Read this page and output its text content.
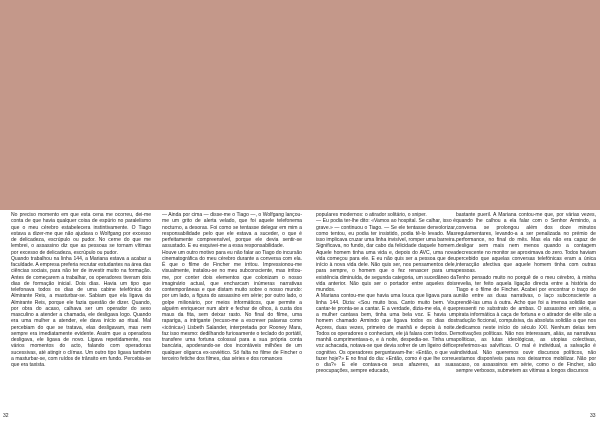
No preciso momento em que esta cena me ocorreu, dei-me conta de que havia qualquer coisa de espúrio no paralelismo que o meu cérebro estabelecera instintivamente. O Tiago estava a dizer-me que não ajudava o Wolfgang por excesso de delicadeza, escrúpulo ou pudor. No cerne do que me lembrei, o assassino diz que as pessoas se tornam vítimas por excesso de delicadeza, escrúpulo ou pudor.

Quando trabalhou na linha 144, a Mariana estava a acabar a faculdade. A empresa preferia recrutar estudantes na área das ciências sociais, para não ter de investir muito na formação. Antes de começarem a trabalhar, os operadores tiveram dois dias de formação inicial. Dois dias. Havia um tipo que telefonava todos os dias de uma cabine telefónica do Almirante Reis, a masturbar-se. Sabiam que ela ligava da Almirante Reis, porque ele fazia questão de dizer. Quando, por obra do acaso, calhava ser um operador do sexo masculino a atender a chamada, ele desligava logo. Quando era uma mulher a atender, ele dava início ao ritual. Mal percebiam do que se tratava, elas desligavam, mas nem sempre era imediatamente evidente. Assim que a operadora desligava, ele ligava de novo. Ligava repetidamente, nos vários momentos do acto, falando com operadoras sucessivas, até atingir o clímax. Um outro tipo ligava também a masturbar-se, com ruídos de trânsito em fundo. Percebia-se que era taxista.

— Ainda por cima — disse-me o Tiago —, o Wolfgang lançou-me um grito de alerta velado, que foi aquele telefonema nocturno, a desoras. Foi como se tentasse delegar em mim a responsabilidade pelo que ele estava a suceder, o que é perfeitamente compreensível, porque ele devia sentir-se assustado. E eu esquivei-me a essa responsabilidade.

Houve um outro motivo para eu não falar ao Tiago do incursão cinematográfica do meu cérebro durante a conversa com ela. É que o filme de Fincher me irritou. Impressionou-me visualmente, instalou-se no meu subconsciente, mas irritou-me, por conter dois elementos que colonizam o nosso imaginário actual, que encharcam inúmeras narrativas contemporâneas e que distam muito sobre o nosso mundo: por um lado, a figura do assassino em série; por outro lado, o golpe milionário, por meios informáticos, que permite a alguém enriquecer num abrir e fechar de olhos, à custa dos maus da fita, sem deixar rasto. No final do filme, uma rapariga, a intrigante (recuso-me a escrever palavras como «icónica») Lisbeth Salander, interpretada por Rooney Mara, faz isso mesmo: dedilhando furiosamente o teclado do portátil, transfere uma fortuna colossal para a sua própria conta bancária, apoderando-se dos incontáveis milhões de um qualquer oligarca ex-soviético. Só falta no filme de Fincher o terceiro fetiche dos filmes, das séries e dos romances

populares modernos: o atirador solitário, o sniper.

— Eu podia ter-lhe dito: «Vamos ao hospital. Se calhar, isso é grave.» — continuou o Tiago. — Se ele tentasse denvolorizar, como tentou, eu podia ter insistido, podia tê-lo levado. Mas isso implicava cruzar uma linha invisível, romper uma barreira. Significava, no fundo, dar cabo da felicidade daquele homem. Aquele homem tinha uma vida e, depois do AVC, uma nova vida começou para ele. E eu não quis ser a pessoa que deu início à nova vida dele. Não quis ser, nos pensamentos dele, para sempre, o homem que o fez renascer para uma existência diminuída, de segunda categoria, um sucedâneo da vida anterior. Não quis ser o portador entre aqueles dois mundos.

A Mariana contou-me que havia uma louca que ligava para a linha 144. Dizia: «Sou muito boa. Canto muito bem. Vou cantar-te pronta-se a cantar. E a verdade, dizia-me ela, é que a mulher cantava bem, tinha uma bela voz. E havia um homem chamado Armindo que ligava todos os dias dos Açores, duas vezes, primeiro de manhã e depois à noite. Todos os operadores o conheciam, ele já falara com todos. De manhã cumprimentava-o, e à noite, despedia-se. Tinha uma voz achacada, notava-se que devia sofrer de um ligeiro défice cognitivo. Os operadores perguntavam-lhe: «Então, o que vai fazer hoje?» E no final do dia: «Então, como é que lhe correu o dia?» E ele contava-os seus afazeres, as suas preocupações, sempre educado,

bastante pueril. A Mariana contou-me que, por várias vezes, quando lhe calhou a ela falar com o Senhor Armindo, a conversa se prolongou além dos doze minutos regulamentares, levando-a a ser penalizada no prémio de performance, no final do mês. Mas ela não era capaz de desligar sem mais nem menos quando a contagem decrescente no monitor se aproximava do zero. Todos haviam percebido que aquelas conversas telefónicas eram a única interacção afectiva que aquele homem tinha com outras pessoas.

Tenho pensado muito no porquê de o meu cérebro, à minha revelia, ter feito aquela ligação directa entre a história do Tiago e o filme de Fincher. Acabei por encontrar o traço de união entre as duas narrativas, o laço subconsciente a prendê-las uma à outra. Acho que foi a imensa solidão que pressenti no substrato de ambas. O assassino em série, a pirata informática à caça de fortuna e o atirador de elite são a tradução ficcional, compulsiva, da absoluta solidão a que nos dedicamos neste início do século XXI. Nenhum delas tem motivações políticas. Não nos interessam, aliás, as narrativas políticas, as lutas ideológicas, as utopias colectivas, preferimos-as salvíficas. O mal é individual, a salvação é individual. Não queremos ouvir discursos políticos, não estamos disponíveis para nos deixarmos mobilizar. Não por acaso, os assassinos em série, como o de Fincher, são sempre verbosos, submetem as vítimas a longos discursos

32	33
